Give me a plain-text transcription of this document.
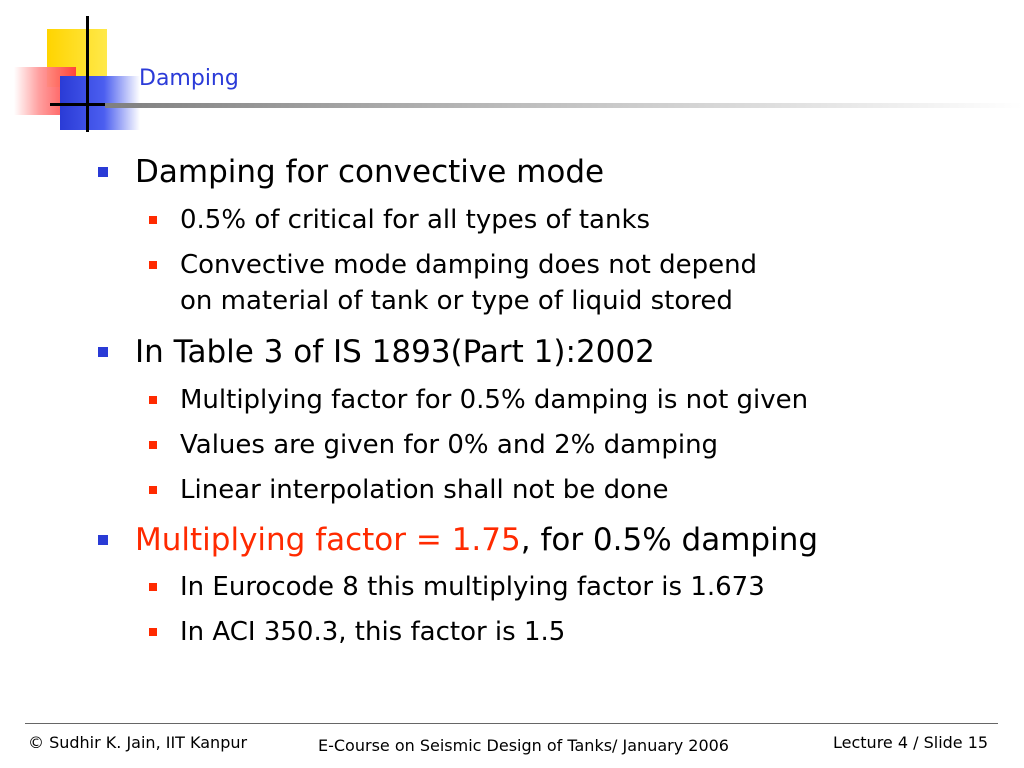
Damping
Damping for convective mode
0.5% of critical for all types of tanks
Convective mode damping does not depend
on material of tank or type of liquid stored
In Table 3 of IS 1893(Part 1):2002
Multiplying factor for 0.5% damping is not given
Values are given for 0% and 2% damping
Linear interpolation shall not be done
Multiplying factor = 1.75, for 0.5% damping
In Eurocode 8 this multiplying factor is 1.673
In ACI 350.3, this factor is 1.5
© Sudhir K. Jain, IIT Kanpur	E-Course on Seismic Design of Tanks/ January 2006	Lecture 4 / Slide 15
